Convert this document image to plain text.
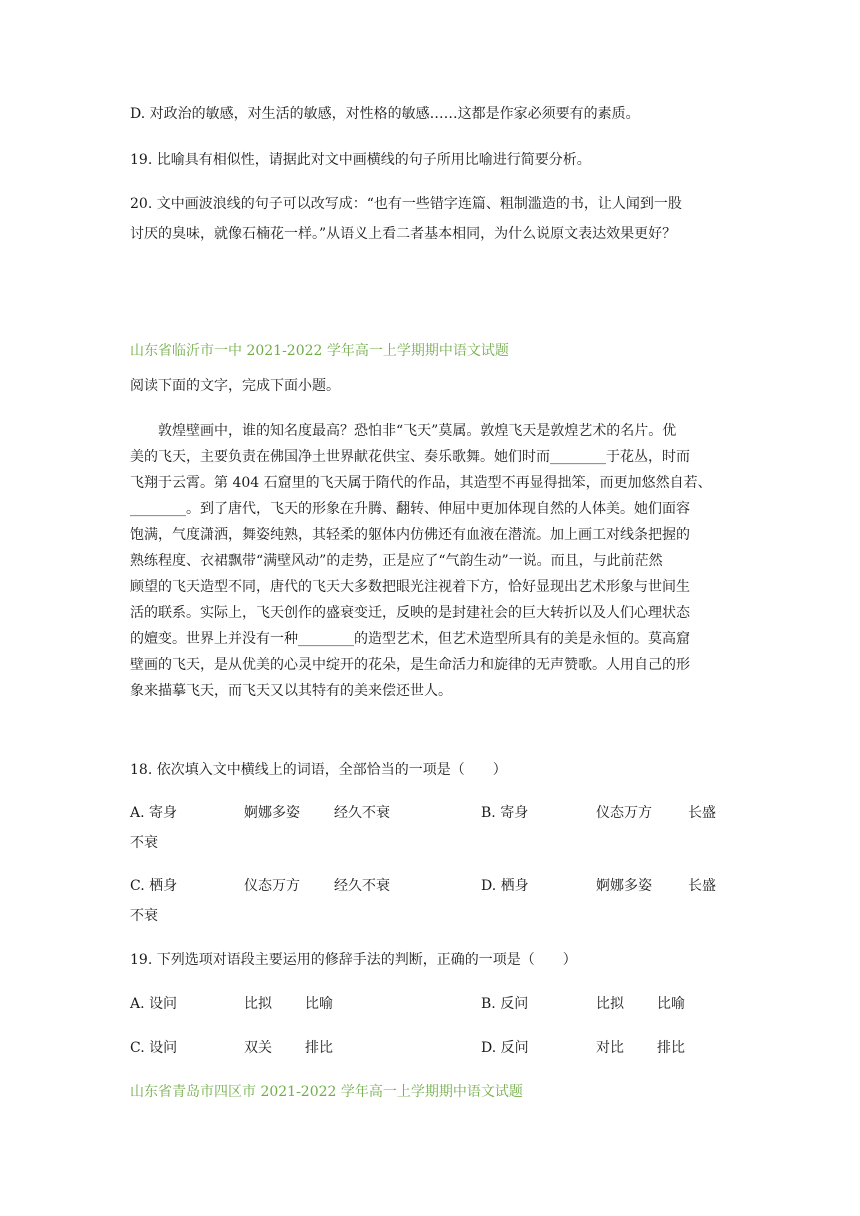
D. 对政治的敏感，对生活的敏感，对性格的敏感……这都是作家必须要有的素质。
19. 比喻具有相似性，请据此对文中画横线的句子所用比喻进行简要分析。
20. 文中画波浪线的句子可以改写成：“也有一些错字连篇、粗制滥造的书，让人闻到一股
讨厌的臭味，就像石楠花一样。”从语义上看二者基本相同，为什么说原文表达效果更好？
山东省临沂市一中 2021-2022 学年高一上学期期中语文试题
阅读下面的文字，完成下面小题。
　　敦煌壁画中，谁的知名度最高？恐怕非“飞天”莫属。敦煌飞天是敦煌艺术的名片。优
美的飞天，主要负责在佛国净土世界献花供宝、奏乐歌舞。她们时而________于花丛，时而
飞翔于云霄。第 404 石窟里的飞天属于隋代的作品，其造型不再显得拙笨，而更加悠然自若、
________。到了唐代，飞天的形象在升腾、翻转、伸屈中更加体现自然的人体美。她们面容
饱满，气度潇洒，舞姿纯熟，其轻柔的躯体内仿佛还有血液在潜流。加上画工对线条把握的
熟练程度、衣裙飘带“满壁风动”的走势，正是应了“气韵生动”一说。而且，与此前茫然
顾望的飞天造型不同，唐代的飞天大多数把眼光注视着下方，恰好显现出艺术形象与世间生
活的联系。实际上，飞天创作的盛衰变迁，反映的是封建社会的巨大转折以及人们心理状态
的嬗变。世界上并没有一种________的造型艺术，但艺术造型所具有的美是永恒的。莫高窟
壁画的飞天，是从优美的心灵中绽开的花朵，是生命活力和旋律的无声赞歌。人用自己的形
象来描摹飞天，而飞天又以其特有的美来偿还世人。
18. 依次填入文中横线上的词语，全部恰当的一项是（　　）
A. 寄身	婀娜多姿 经久不衰	B. 寄身	仪态万方	长盛
不衰
C. 栖身	仪态万方 经久不衰	D. 栖身	婀娜多姿	长盛
不衰
19. 下列选项对语段主要运用的修辞手法的判断，正确的一项是（　　）
A. 设问	比拟 比喻	B. 反问	比拟 比喻
C. 设问	双关 排比	D. 反问	对比 排比
山东省青岛市四区市 2021-2022 学年高一上学期期中语文试题
